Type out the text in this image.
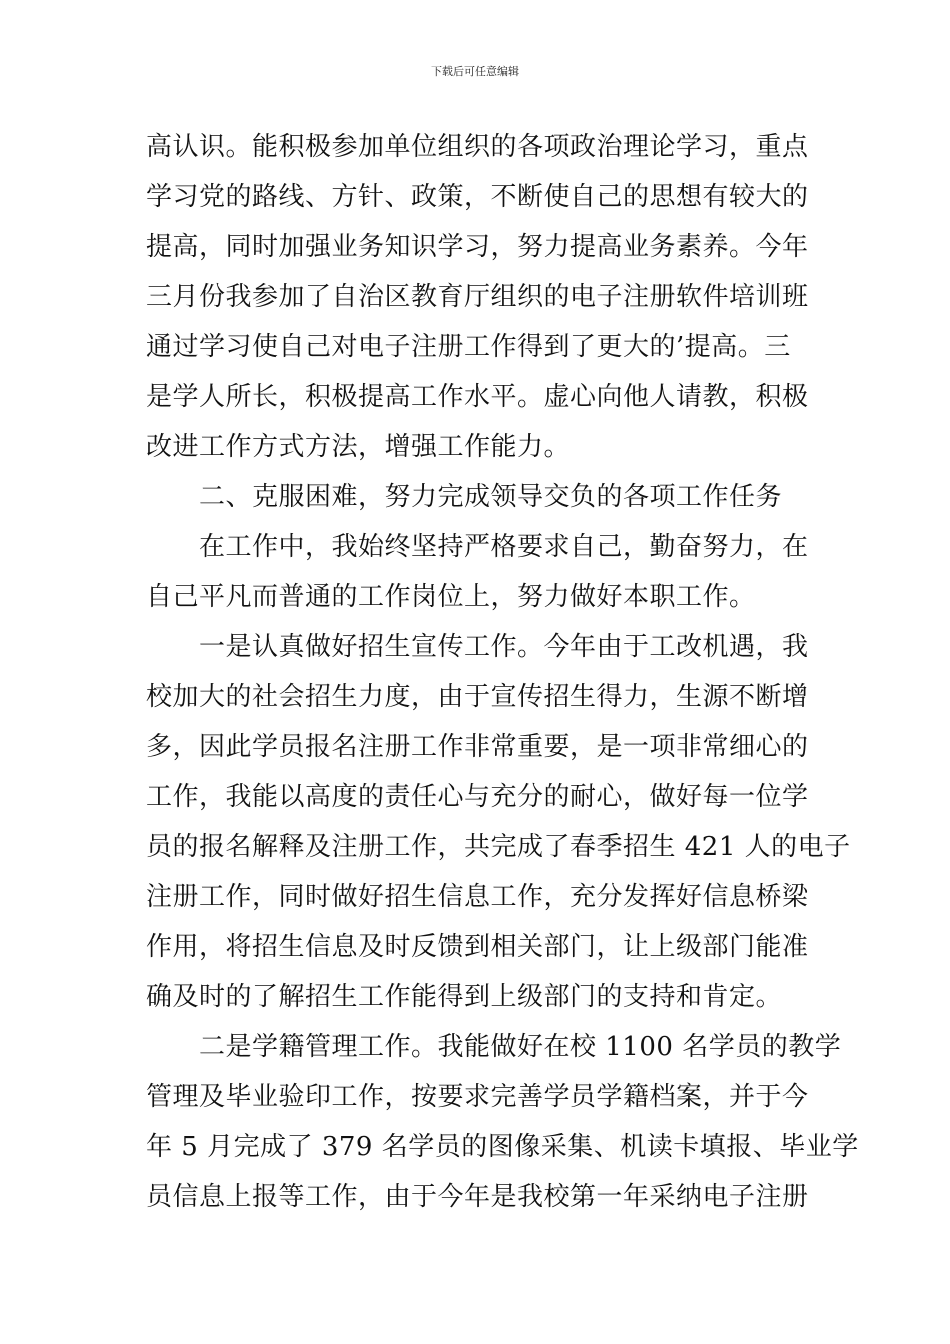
下载后可任意编辑
高认识。能积极参加单位组织的各项政治理论学习，重点
学习党的路线、方针、政策，不断使自己的思想有较大的
提高，同时加强业务知识学习，努力提高业务素养。今年
三月份我参加了自治区教育厅组织的电子注册软件培训班
通过学习使自己对电子注册工作得到了更大的’提高。三
是学人所长，积极提高工作水平。虚心向他人请教，积极
改进工作方式方法，增强工作能力。
　　二、克服困难，努力完成领导交负的各项工作任务
　　在工作中，我始终坚持严格要求自己，勤奋努力，在
自己平凡而普通的工作岗位上，努力做好本职工作。
　　一是认真做好招生宣传工作。今年由于工改机遇，我
校加大的社会招生力度，由于宣传招生得力，生源不断增
多，因此学员报名注册工作非常重要，是一项非常细心的
工作，我能以高度的责任心与充分的耐心，做好每一位学
员的报名解释及注册工作，共完成了春季招生 421 人的电子
注册工作，同时做好招生信息工作，充分发挥好信息桥梁
作用，将招生信息及时反馈到相关部门，让上级部门能准
确及时的了解招生工作能得到上级部门的支持和肯定。
　　二是学籍管理工作。我能做好在校 1100 名学员的教学
管理及毕业验印工作，按要求完善学员学籍档案，并于今
年 5 月完成了 379 名学员的图像采集、机读卡填报、毕业学
员信息上报等工作，由于今年是我校第一年采纳电子注册
